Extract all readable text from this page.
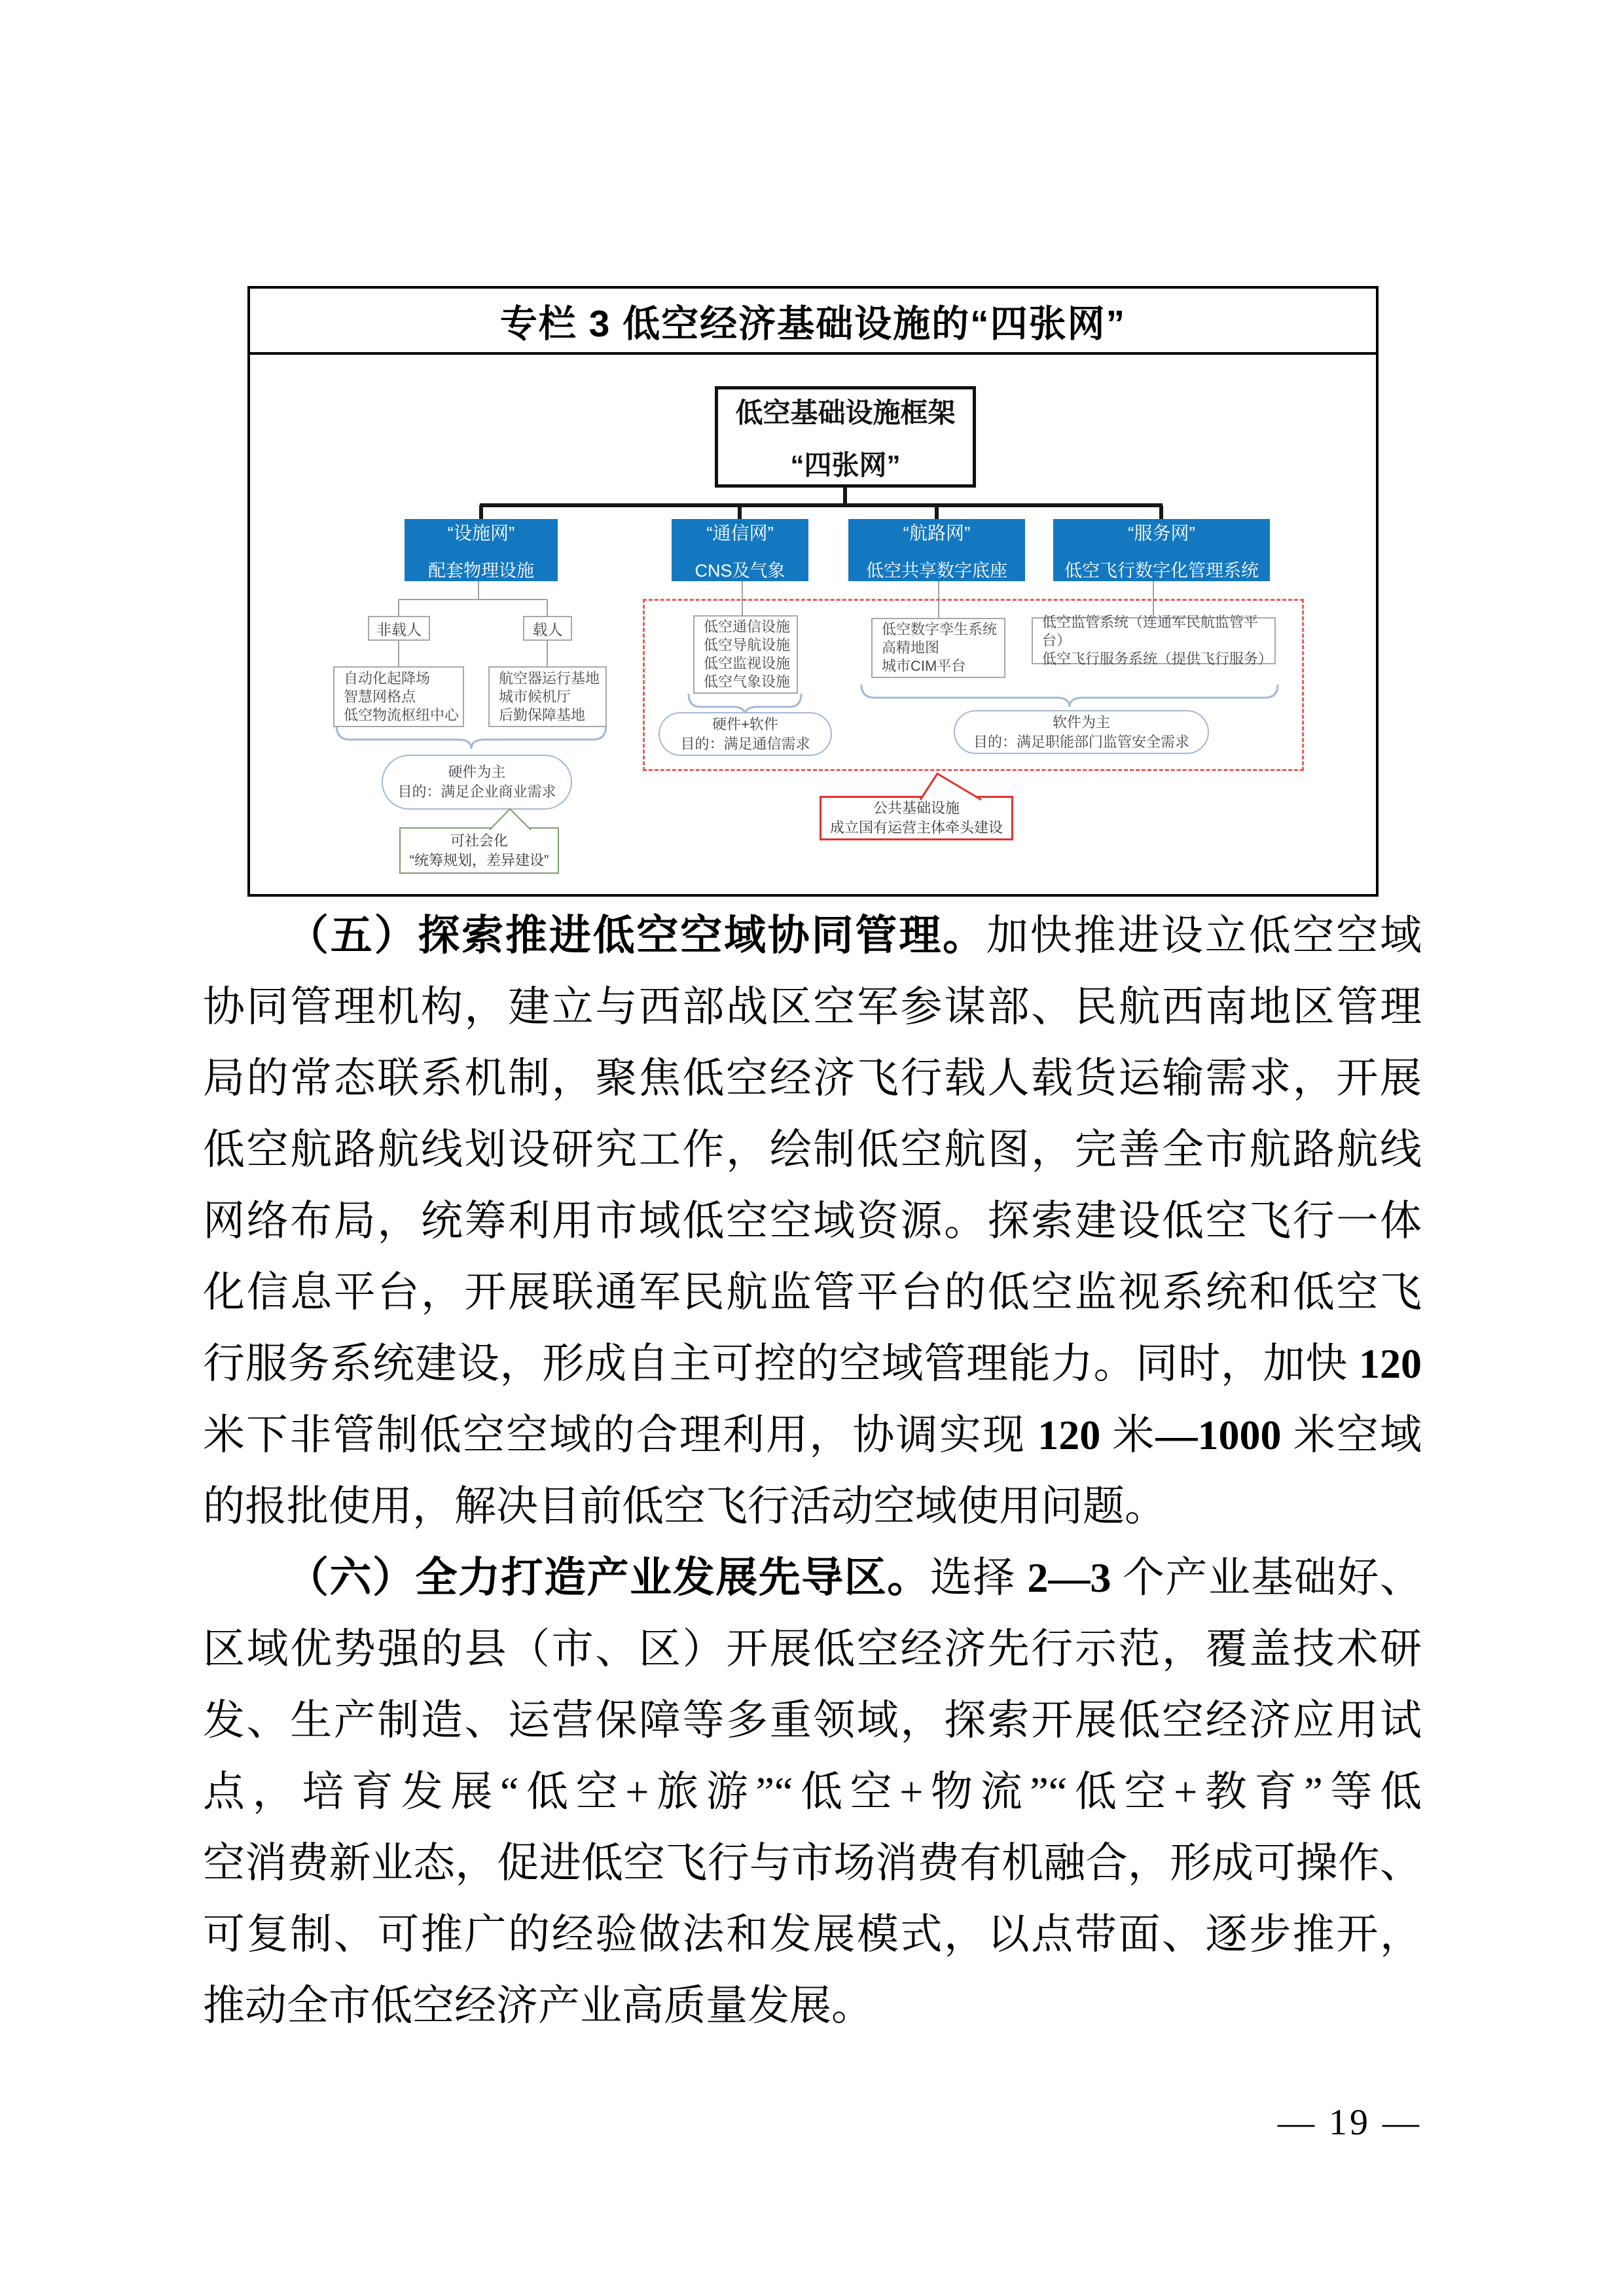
专栏 3 低空经济基础设施的“四张网”
低空基础设施框架
“四张网”
“设施网”
配套物理设施
“通信网”
CNS及气象
“航路网”
低空共享数字底座
“服务网”
低空飞行数字化管理系统
非载人	载人
自动化起降场
智慧网格点
低空物流枢纽中心
航空器运行基地
城市候机厅
后勤保障基地
低空通信设施
低空导航设施
低空监视设施
低空气象设施
低空数字孪生系统
高精地图
城市CIM平台
低空监管系统（连通军民航监管平台）
低空飞行服务系统（提供飞行服务）
硬件为主
目的：满足企业商业需求
硬件+软件
目的：满足通信需求
软件为主
目的：满足职能部门监管安全需求
可社会化
“统筹规划，差异建设”
公共基础设施
成立国有运营主体牵头建设
（五）探索推进低空空域协同管理。加快推进设立低空空域
协同管理机构，建立与西部战区空军参谋部、民航西南地区管理
局的常态联系机制，聚焦低空经济飞行载人载货运输需求，开展
低空航路航线划设研究工作，绘制低空航图，完善全市航路航线
网络布局，统筹利用市域低空空域资源。探索建设低空飞行一体
化信息平台，开展联通军民航监管平台的低空监视系统和低空飞
行服务系统建设，形成自主可控的空域管理能力。同时，加快 120
米下非管制低空空域的合理利用，协调实现 120 米—1000 米空域
的报批使用，解决目前低空飞行活动空域使用问题。
（六）全力打造产业发展先导区。选择 2—3 个产业基础好、
区域优势强的县（市、区）开展低空经济先行示范，覆盖技术研
发、生产制造、运营保障等多重领域，探索开展低空经济应用试
点，培育发展“低空+旅游”“低空+物流”“低空+教育”等低
空消费新业态，促进低空飞行与市场消费有机融合，形成可操作、
可复制、可推广的经验做法和发展模式，以点带面、逐步推开，
推动全市低空经济产业高质量发展。
— 19 —
